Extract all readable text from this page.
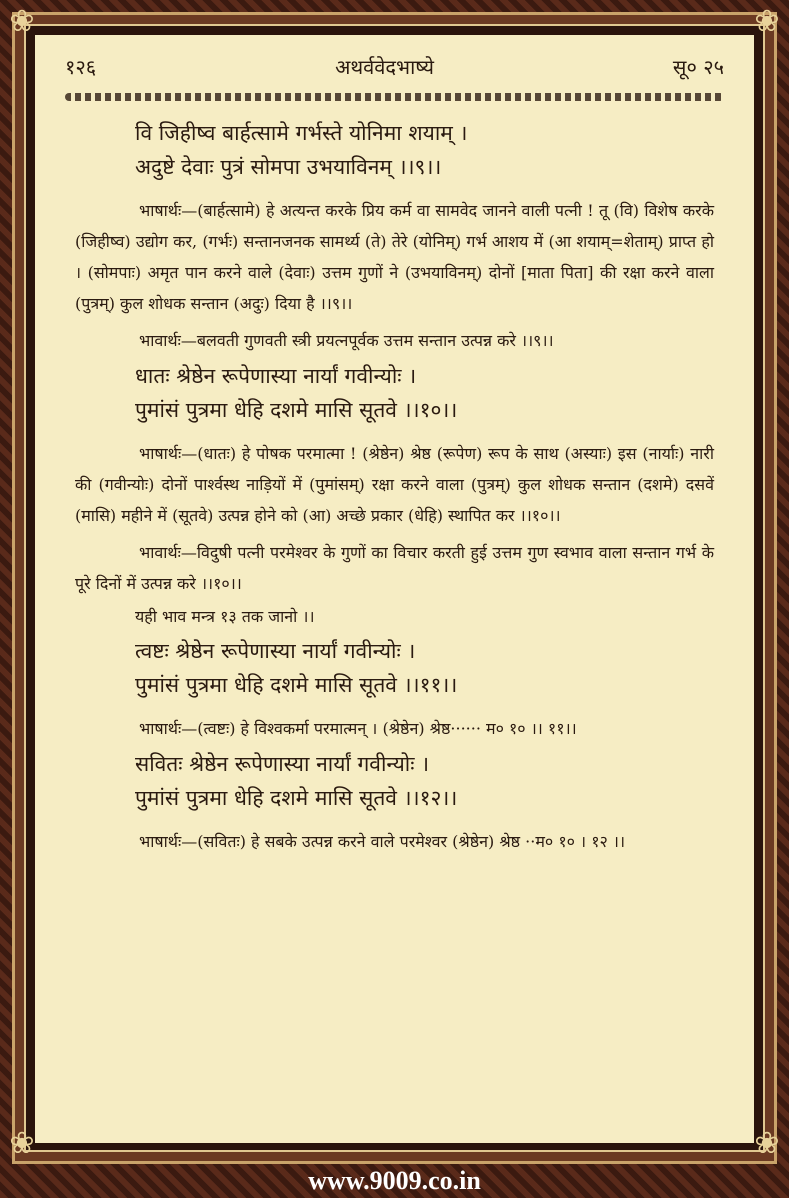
❀	❀
❀	❀
१२६	अथर्ववेदभाष्ये	सू० २५
वि जिहीष्व बार्हत्सामे गर्भस्ते योनिमा शयाम् ।
अदुष्टे देवाः पुत्रं सोमपा उभयाविनम् ।।९।।
भाषार्थः—(बार्हत्सामे) हे अत्यन्त करके प्रिय कर्म वा सामवेद जानने वाली पत्नी ! तू (वि) विशेष करके (जिहीष्व) उद्योग कर, (गर्भः) सन्तानजनक सामर्थ्य (ते) तेरे (योनिम्) गर्भ आशय में (आ शयाम्=शेताम्) प्राप्त हो । (सोमपाः) अमृत पान करने वाले (देवाः) उत्तम गुणों ने (उभयाविनम्) दोनों [माता पिता] की रक्षा करने वाला (पुत्रम्) कुल शोधक सन्तान (अदुः) दिया है ।।९।।
भावार्थः—बलवती गुणवती स्त्री प्रयत्नपूर्वक उत्तम सन्तान उत्पन्न करे ।।९।।
धातः श्रेष्ठेन रूपेणास्या नार्यां गवीन्योः ।
पुमांसं पुत्रमा धेहि दशमे मासि सूतवे ।।१०।।
भाषार्थः—(धातः) हे पोषक परमात्मा ! (श्रेष्ठेन) श्रेष्ठ (रूपेण) रूप के साथ (अस्याः) इस (नार्याः) नारी की (गवीन्योः) दोनों पार्श्वस्थ नाड़ियों में (पुमांसम्) रक्षा करने वाला (पुत्रम्) कुल शोधक सन्तान (दशमे) दसवें (मासि) महीने में (सूतवे) उत्पन्न होने को (आ) अच्छे प्रकार (धेहि) स्थापित कर ।।१०।।
भावार्थः—विदुषी पत्नी परमेश्वर के गुणों का विचार करती हुई उत्तम गुण स्वभाव वाला सन्तान गर्भ के पूरे दिनों में उत्पन्न करे ।।१०।।
यही भाव मन्त्र १३ तक जानो ।।
त्वष्टः श्रेष्ठेन रूपेणास्या नार्यां गवीन्योः ।
पुमांसं पुत्रमा धेहि दशमे मासि सूतवे ।।११।।
भाषार्थः—(त्वष्टः) हे विश्वकर्मा परमात्मन् । (श्रेष्ठेन) श्रेष्ठ······ म० १० ।। ११।।
सवितः श्रेष्ठेन रूपेणास्या नार्यां गवीन्योः ।
पुमांसं पुत्रमा धेहि दशमे मासि सूतवे ।।१२।।
भाषार्थः—(सवितः) हे सबके उत्पन्न करने वाले परमेश्वर (श्रेष्ठेन) श्रेष्ठ ··म० १० । १२ ।।
www.9009.co.in
